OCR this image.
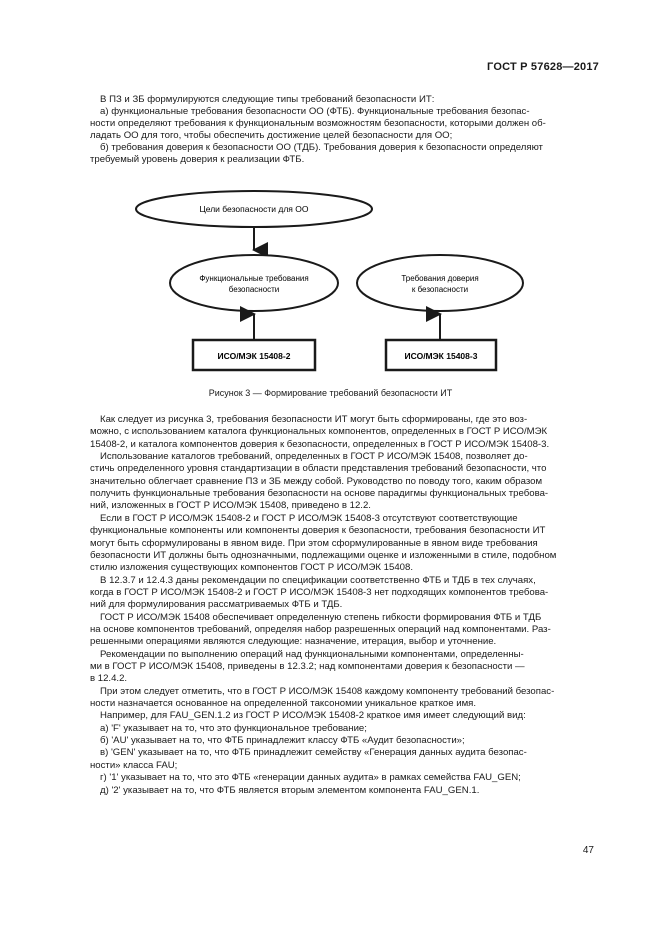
ГОСТ Р 57628—2017
В ПЗ и ЗБ формулируются следующие типы требований безопасности ИТ:
а) функциональные требования безопасности ОО (ФТБ). Функциональные требования безопас-
ности определяют требования к функциональным возможностям безопасности, которыми должен об-
ладать ОО для того, чтобы обеспечить достижение целей безопасности для ОО;
б) требования доверия к безопасности ОО (ТДБ). Требования доверия к безопасности определяют
требуемый уровень доверия к реализации ФТБ.
Цели безопасности для ОО
Функциональные требования
безопасности
Требования доверия
к безопасности
ИСО/МЭК 15408-2	ИСО/МЭК 15408-3
Рисунок 3 — Формирование требований безопасности ИТ
Как следует из рисунка 3, требования безопасности ИТ могут быть сформированы, где это воз-
можно, с использованием каталога функциональных компонентов, определенных в ГОСТ Р ИСО/МЭК
15408-2, и каталога компонентов доверия к безопасности, определенных в ГОСТ Р ИСО/МЭК 15408-3.
Использование каталогов требований, определенных в ГОСТ Р ИСО/МЭК 15408, позволяет до-
стичь определенного уровня стандартизации в области представления требований безопасности, что
значительно облегчает сравнение ПЗ и ЗБ между собой. Руководство по поводу того, каким образом
получить функциональные требования безопасности на основе парадигмы функциональных требова-
ний, изложенных в ГОСТ Р ИСО/МЭК 15408, приведено в 12.2.
Если в ГОСТ Р ИСО/МЭК 15408-2 и ГОСТ Р ИСО/МЭК 15408-3 отсутствуют соответствующие
функциональные компоненты или компоненты доверия к безопасности, требования безопасности ИТ
могут быть сформулированы в явном виде. При этом сформулированные в явном виде требования
безопасности ИТ должны быть однозначными, подлежащими оценке и изложенными в стиле, подобном
стилю изложения существующих компонентов ГОСТ Р ИСО/МЭК 15408.
В 12.3.7 и 12.4.3 даны рекомендации по спецификации соответственно ФТБ и ТДБ в тех случаях,
когда в ГОСТ Р ИСО/МЭК 15408-2 и ГОСТ Р ИСО/МЭК 15408-3 нет подходящих компонентов требова-
ний для формулирования рассматриваемых ФТБ и ТДБ.
ГОСТ Р ИСО/МЭК 15408 обеспечивает определенную степень гибкости формирования ФТБ и ТДБ
на основе компонентов требований, определяя набор разрешенных операций над компонентами. Раз-
решенными операциями являются следующие: назначение, итерация, выбор и уточнение.
Рекомендации по выполнению операций над функциональными компонентами, определенны-
ми в ГОСТ Р ИСО/МЭК 15408, приведены в 12.3.2; над компонентами доверия к безопасности —
в 12.4.2.
При этом следует отметить, что в ГОСТ Р ИСО/МЭК 15408 каждому компоненту требований безопас-
ности назначается основанное на определенной таксономии уникальное краткое имя.
Например, для FAU_GEN.1.2 из ГОСТ Р ИСО/МЭК 15408-2 краткое имя имеет следующий вид:
а) 'F' указывает на то, что это функциональное требование;
б) 'AU' указывает на то, что ФТБ принадлежит классу ФТБ «Аудит безопасности»;
в) 'GEN' указывает на то, что ФТБ принадлежит семейству «Генерация данных аудита безопас-
ности» класса FAU;
г) '1' указывает на то, что это ФТБ «генерации данных аудита» в рамках семейства FAU_GEN;
д) '2' указывает на то, что ФТБ является вторым элементом компонента FAU_GEN.1.
47
